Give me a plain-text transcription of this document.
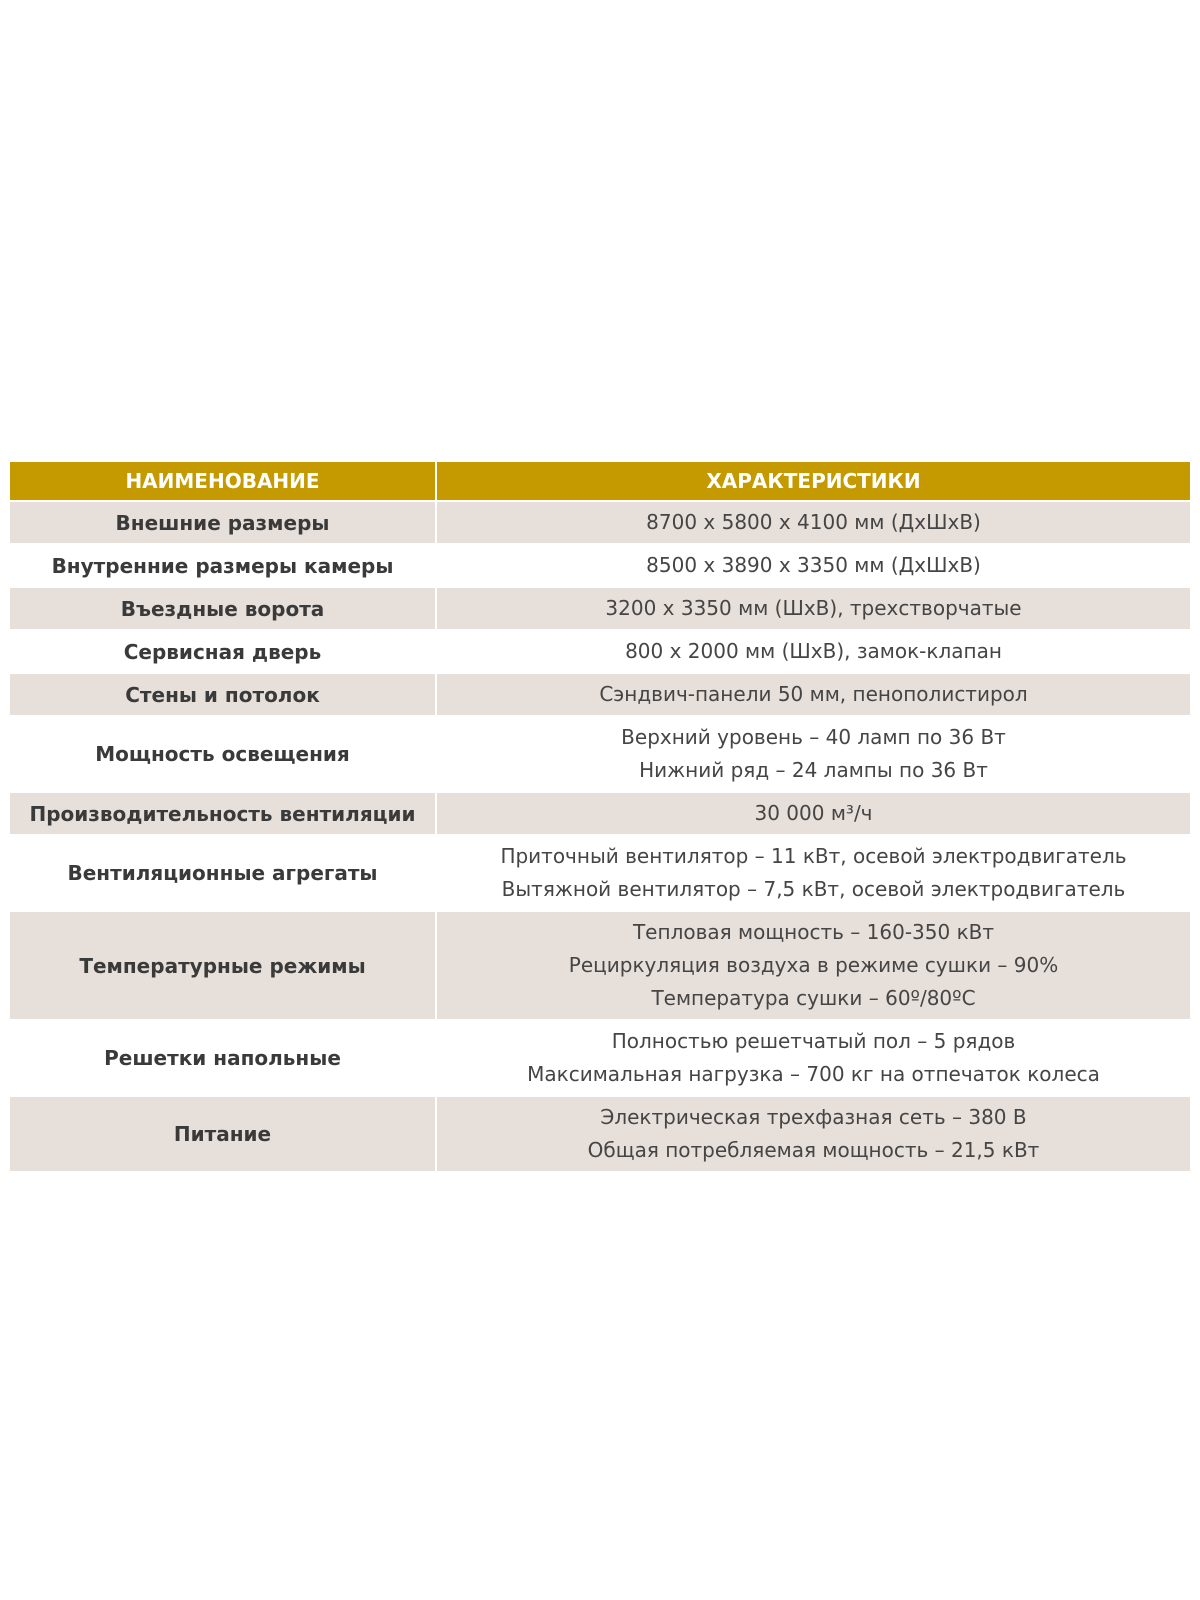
НАИМЕНОВАНИЕ	ХАРАКТЕРИСТИКИ
Внешние размеры	8700 х 5800 х 4100 мм (ДхШхВ)

Внутренние размеры камеры	8500 х 3890 х 3350 мм (ДхШхВ)

Въездные ворота	3200 х 3350 мм (ШхВ), трехстворчатые

Сервисная дверь	800 х 2000 мм (ШхВ), замок-клапан

Стены и потолок	Сэндвич-панели 50 мм, пенополистирол

Мощность освещения	Верхний уровень – 40 ламп по 36 Вт
Нижний ряд – 24 лампы по 36 Вт

Производительность вентиляции	30 000 м³/ч

Вентиляционные агрегаты	Приточный вентилятор – 11 кВт, осевой электродвигатель
Вытяжной вентилятор – 7,5 кВт, осевой электродвигатель

Температурные режимы	Тепловая мощность – 160-350 кВт
Рециркуляция воздуха в режиме сушки – 90%
Температура сушки – 60º/80ºС

Решетки напольные	Полностью решетчатый пол – 5 рядов
Максимальная нагрузка – 700 кг на отпечаток колеса

Питание	Электрическая трехфазная сеть – 380 В
Общая потребляемая мощность – 21,5 кВт
